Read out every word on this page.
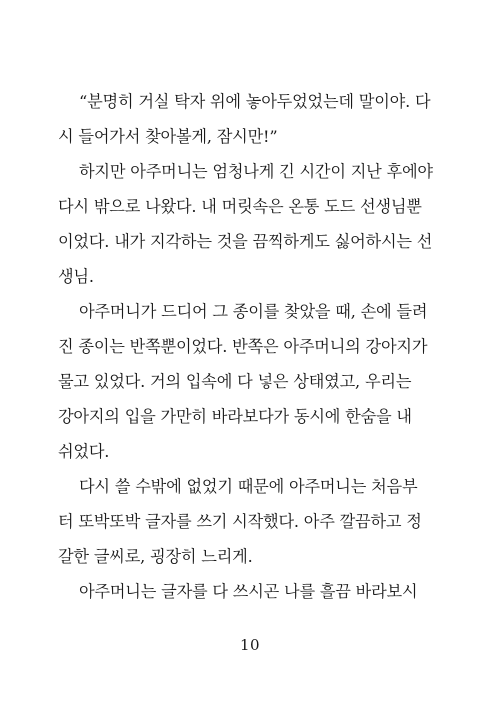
“분명히 거실 탁자 위에 놓아두었었는데 말이야. 다
시 들어가서 찾아볼게, 잠시만!”
하지만 아주머니는 엄청나게 긴 시간이 지난 후에야
다시 밖으로 나왔다. 내 머릿속은 온통 도드 선생님뿐
이었다. 내가 지각하는 것을 끔찍하게도 싫어하시는 선
생님.
아주머니가 드디어 그 종이를 찾았을 때, 손에 들려
진 종이는 반쪽뿐이었다. 반쪽은 아주머니의 강아지가
물고 있었다. 거의 입속에 다 넣은 상태였고, 우리는
강아지의 입을 가만히 바라보다가 동시에 한숨을 내
쉬었다.
다시 쓸 수밖에 없었기 때문에 아주머니는 처음부
터 또박또박 글자를 쓰기 시작했다. 아주 깔끔하고 정
갈한 글씨로, 굉장히 느리게.
아주머니는 글자를 다 쓰시곤 나를 흘끔 바라보시
10
